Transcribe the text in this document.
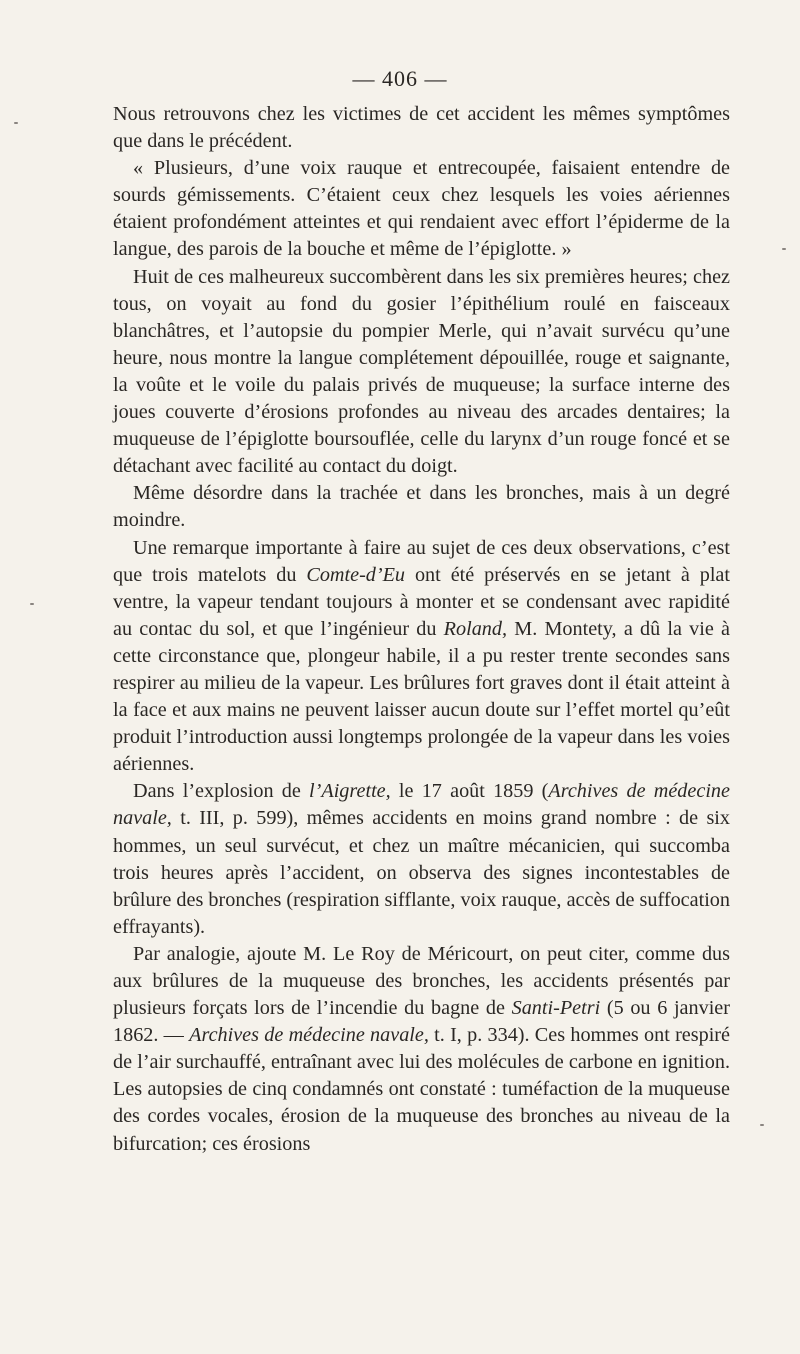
— 406 —

Nous retrouvons chez les victimes de cet accident les mêmes symptômes que dans le précédent.

« Plusieurs, d’une voix rauque et entrecoupée, faisaient entendre de sourds gémissements. C’étaient ceux chez lesquels les voies aériennes étaient profondément atteintes et qui rendaient avec effort l’épiderme de la langue, des parois de la bouche et même de l’épiglotte. »

Huit de ces malheureux succombèrent dans les six premières heures; chez tous, on voyait au fond du gosier l’épithélium roulé en faisceaux blanchâtres, et l’autopsie du pompier Merle, qui n’avait survécu qu’une heure, nous montre la langue complétement dépouillée, rouge et saignante, la voûte et le voile du palais privés de muqueuse; la surface interne des joues couverte d’érosions profondes au niveau des arcades dentaires; la muqueuse de l’épiglotte boursouflée, celle du larynx d’un rouge foncé et se détachant avec facilité au contact du doigt.

Même désordre dans la trachée et dans les bronches, mais à un degré moindre.

Une remarque importante à faire au sujet de ces deux observations, c’est que trois matelots du Comte-d’Eu ont été préservés en se jetant à plat ventre, la vapeur tendant toujours à monter et se condensant avec rapidité au contac du sol, et que l’ingénieur du Roland, M. Montety, a dû la vie à cette circonstance que, plongeur habile, il a pu rester trente secondes sans respirer au milieu de la vapeur. Les brûlures fort graves dont il était atteint à la face et aux mains ne peuvent laisser aucun doute sur l’effet mortel qu’eût produit l’introduction aussi longtemps prolongée de la vapeur dans les voies aériennes.

Dans l’explosion de l’Aigrette, le 17 août 1859 (Archives de médecine navale, t. III, p. 599), mêmes accidents en moins grand nombre : de six hommes, un seul survécut, et chez un maître mécanicien, qui succomba trois heures après l’accident, on observa des signes incontestables de brûlure des bronches (respiration sifflante, voix rauque, accès de suffocation effrayants).

Par analogie, ajoute M. Le Roy de Méricourt, on peut citer, comme dus aux brûlures de la muqueuse des bronches, les accidents présentés par plusieurs forçats lors de l’incendie du bagne de Santi-Petri (5 ou 6 janvier 1862. — Archives de médecine navale, t. I, p. 334). Ces hommes ont respiré de l’air surchauffé, entraînant avec lui des molécules de carbone en ignition. Les autopsies de cinq condamnés ont constaté : tuméfaction de la muqueuse des cordes vocales, érosion de la muqueuse des bronches au niveau de la bifurcation; ces érosions
